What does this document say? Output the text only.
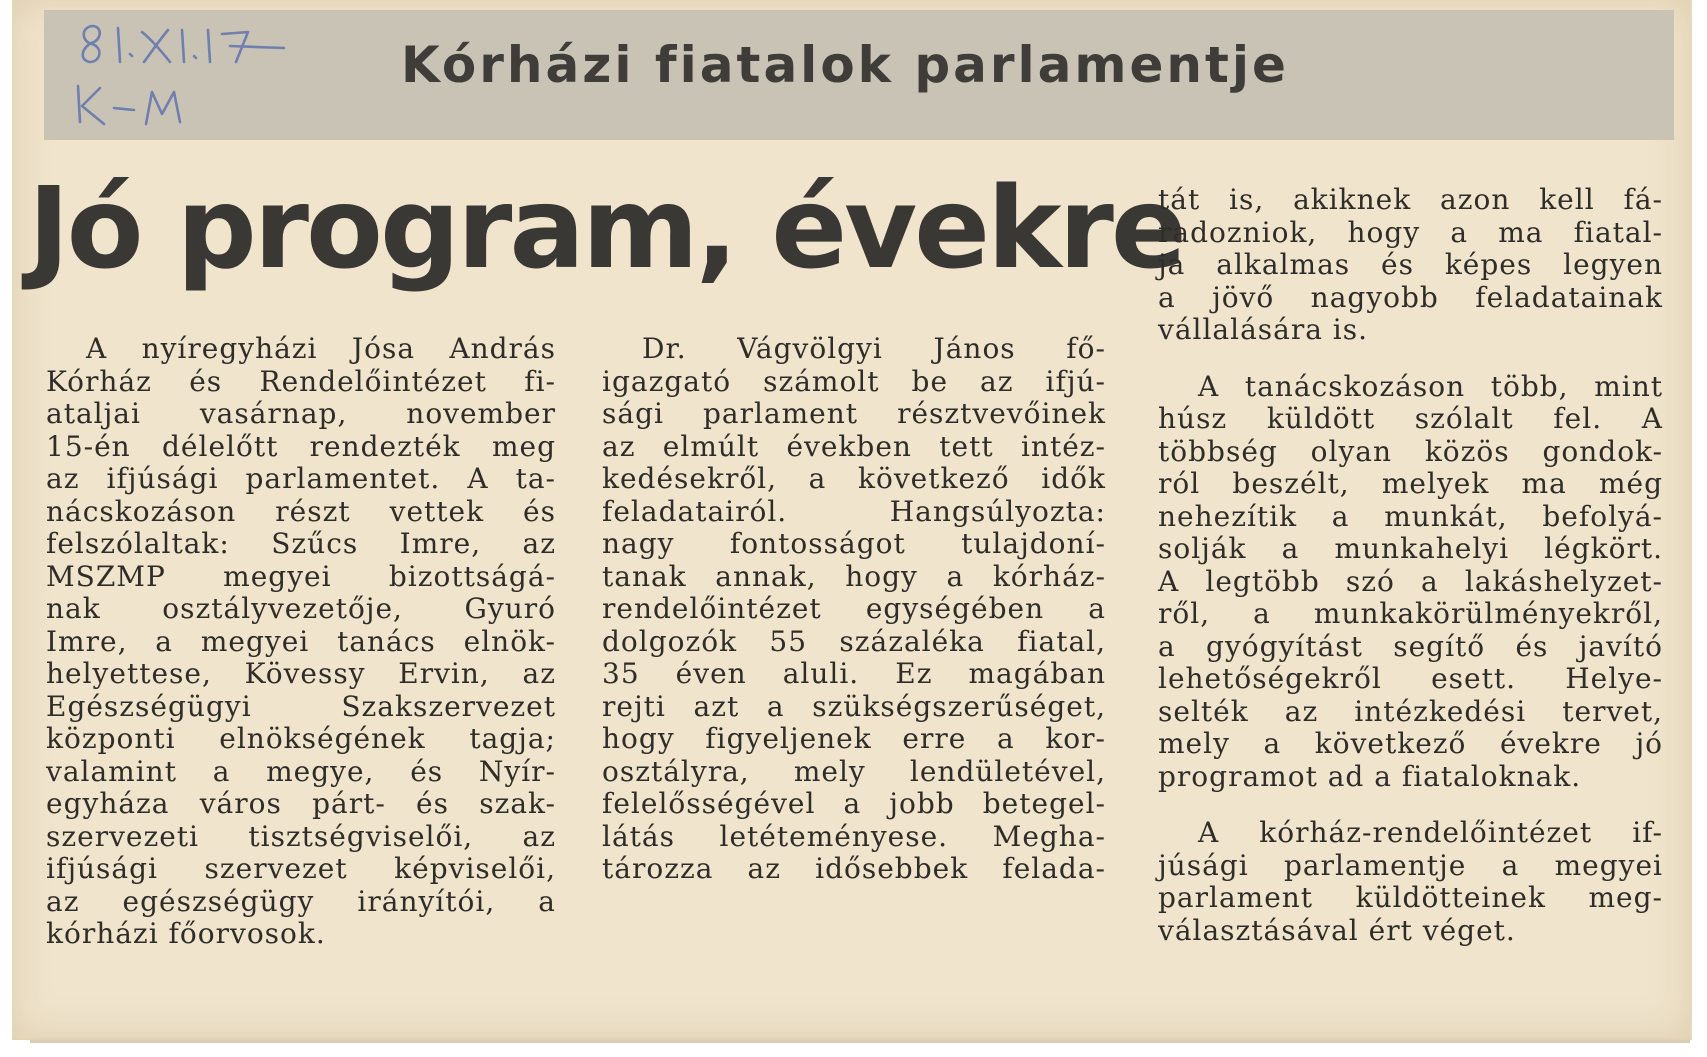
Kórházi fiatalok parlamentje
Jó program, évekre
A nyíregyházi Jósa András
Kórház és Rendelőintézet fi-
ataljai vasárnap, november
15-én délelőtt rendezték meg
az ifjúsági parlamentet. A ta-
nácskozáson részt vettek és
felszólaltak: Szűcs Imre, az
MSZMP megyei bizottságá-
nak osztályvezetője, Gyuró
Imre, a megyei tanács elnök-
helyettese, Kövessy Ervin, az
Egészségügyi Szakszervezet
központi elnökségének tagja;
valamint a megye, és Nyír-
egyháza város párt- és szak-
szervezeti tisztségviselői, az
ifjúsági szervezet képviselői,
az egészségügy irányítói, a
kórházi főorvosok.
Dr. Vágvölgyi János fő-
igazgató számolt be az ifjú-
sági parlament résztvevőinek
az elmúlt években tett intéz-
kedésekről, a következő idők
feladatairól. Hangsúlyozta:
nagy fontosságot tulajdoní-
tanak annak, hogy a kórház-
rendelőintézet egységében a
dolgozók 55 százaléka fiatal,
35 éven aluli. Ez magában
rejti azt a szükségszerűséget,
hogy figyeljenek erre a kor-
osztályra, mely lendületével,
felelősségével a jobb betegel-
látás letéteményese. Megha-
tározza az idősebbek felada-
tát is, akiknek azon kell fá-
radozniok, hogy a ma fiatal-
ja alkalmas és képes legyen
a jövő nagyobb feladatainak
vállalására is.
A tanácskozáson több, mint
húsz küldött szólalt fel. A
többség olyan közös gondok-
ról beszélt, melyek ma még
nehezítik a munkát, befolyá-
solják a munkahelyi légkört.
A legtöbb szó a lakáshelyzet-
ről, a munkakörülményekről,
a gyógyítást segítő és javító
lehetőségekről esett. Helye-
selték az intézkedési tervet,
mely a következő évekre jó
programot ad a fiataloknak.
A kórház-rendelőintézet if-
júsági parlamentje a megyei
parlament küldötteinek meg-
választásával ért véget.
